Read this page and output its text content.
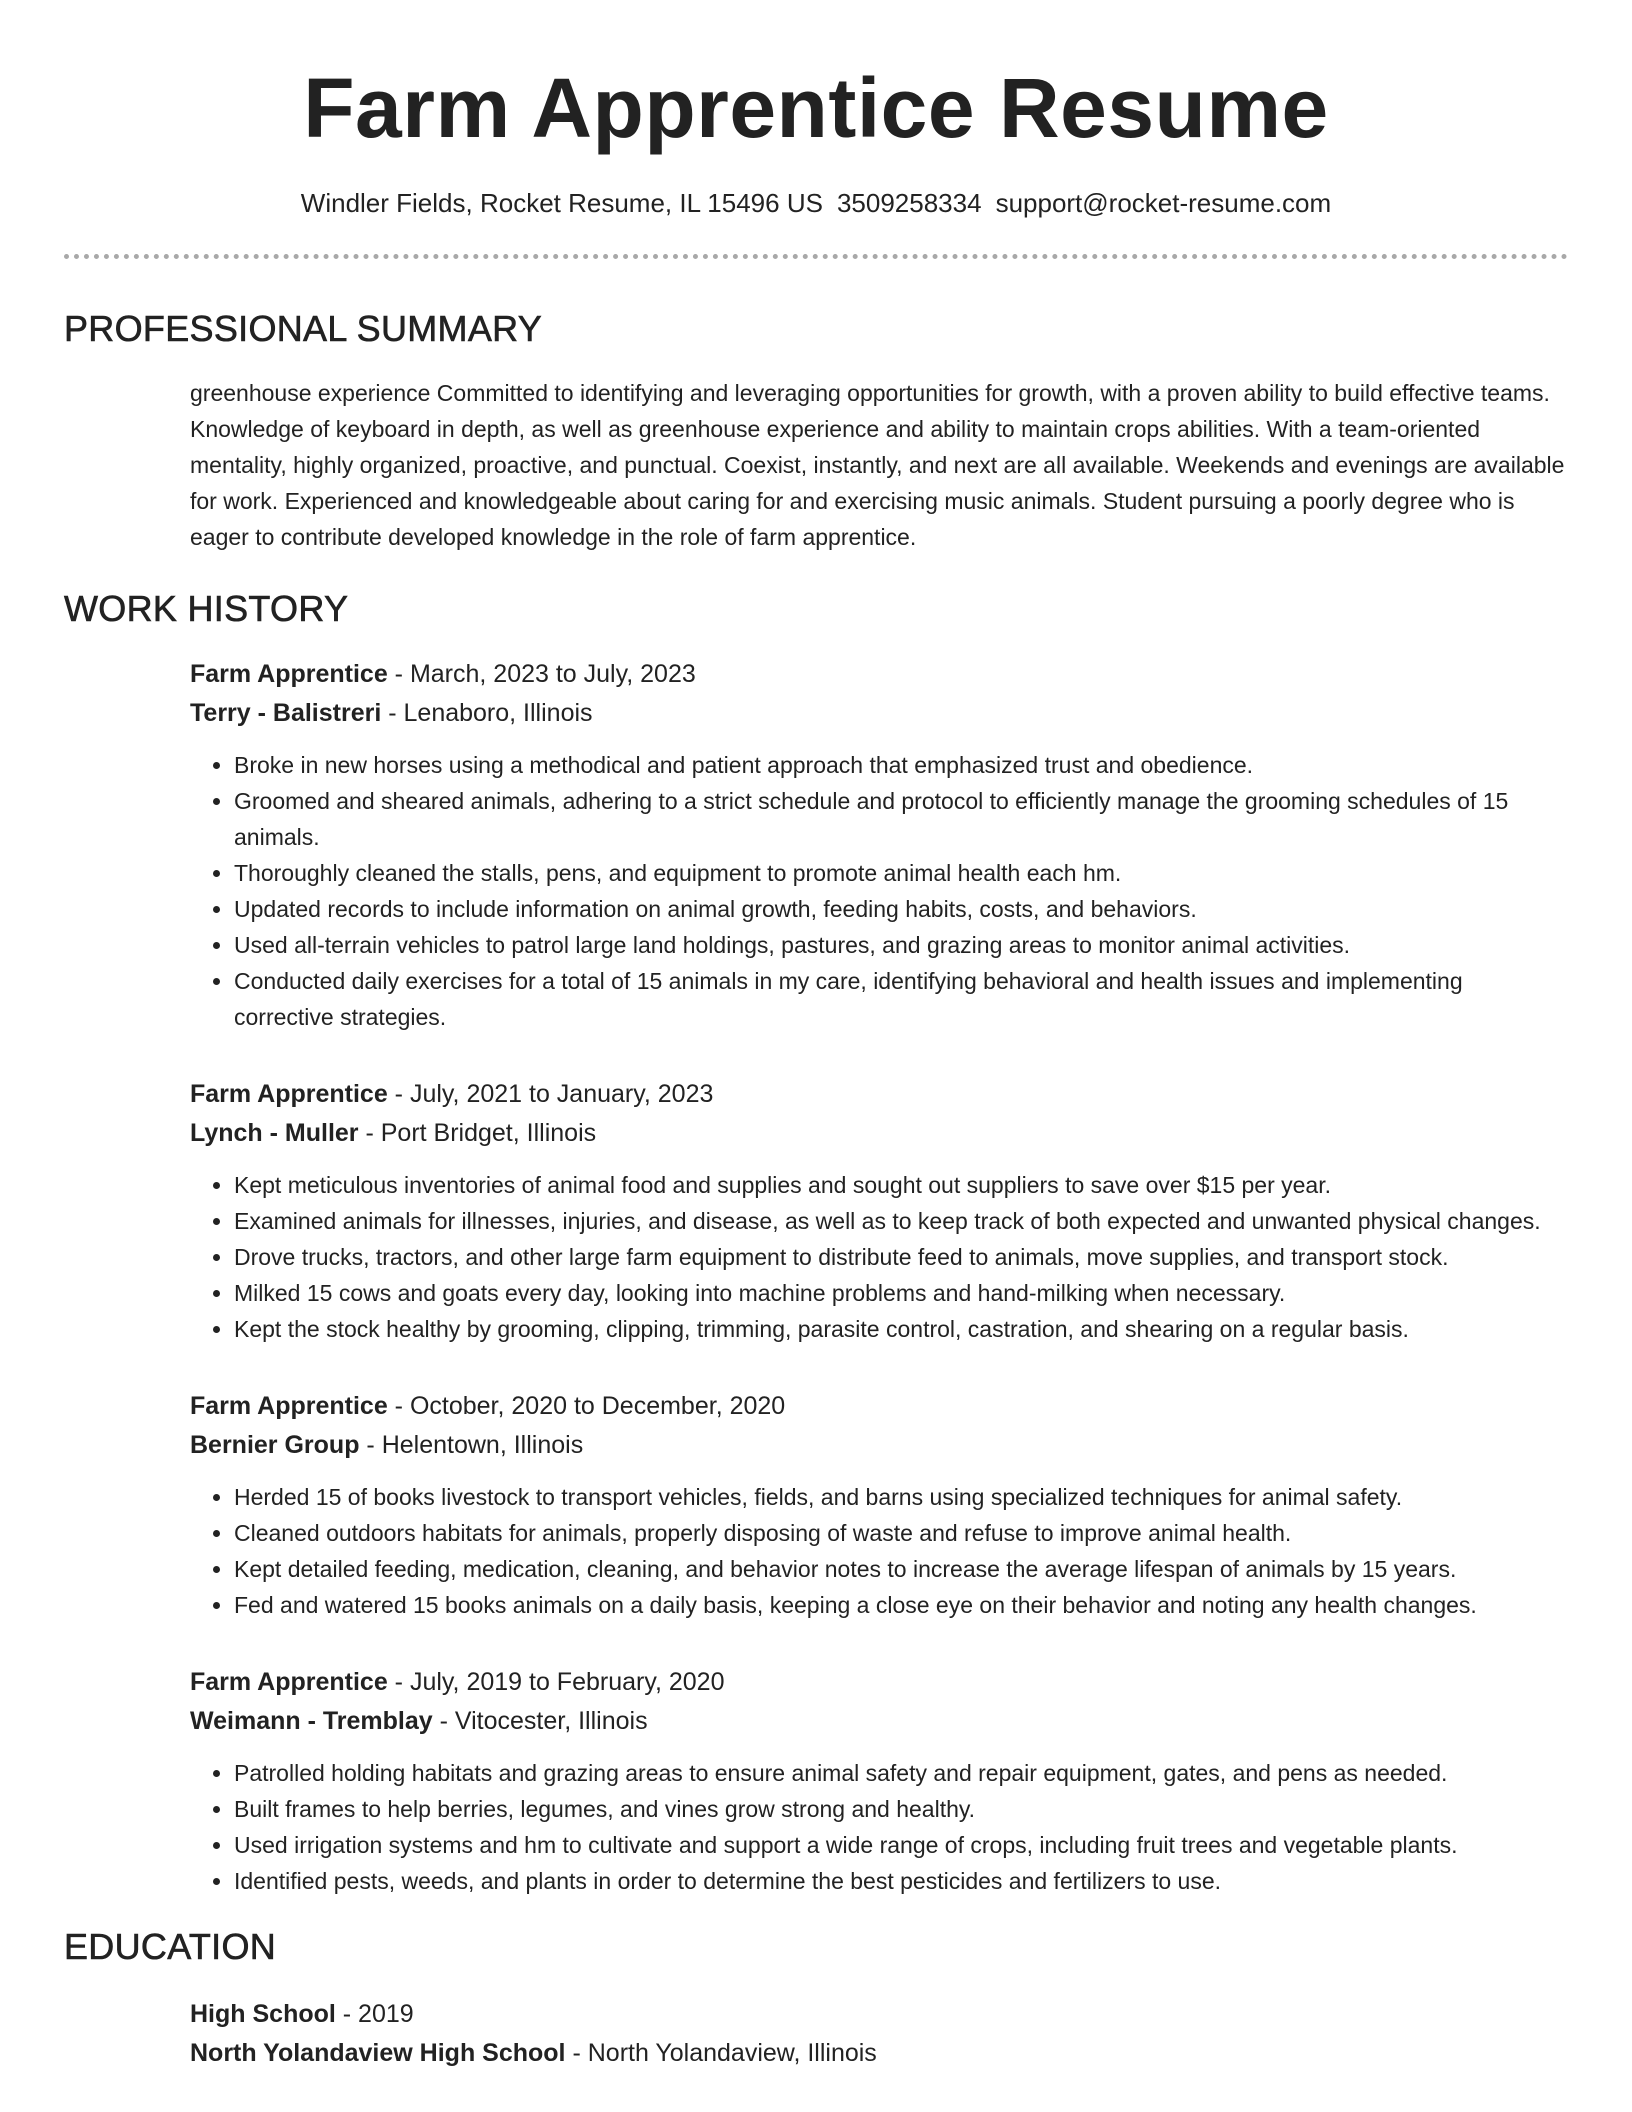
Farm Apprentice Resume
Windler Fields, Rocket Resume, IL 15496 US 3509258334 support@rocket-resume.com
PROFESSIONAL SUMMARY

greenhouse experience Committed to identifying and leveraging opportunities for growth, with a proven ability to build effective teams. Knowledge of keyboard in depth, as well as greenhouse experience and ability to maintain crops abilities. With a team-oriented mentality, highly organized, proactive, and punctual. Coexist, instantly, and next are all available. Weekends and evenings are available for work. Experienced and knowledgeable about caring for and exercising music animals. Student pursuing a poorly degree who is eager to contribute developed knowledge in the role of farm apprentice.

WORK HISTORY
Farm Apprentice - March, 2023 to July, 2023
Terry - Balistreri - Lenaboro, Illinois
• Broke in new horses using a methodical and patient approach that emphasized trust and obedience.
• Groomed and sheared animals, adhering to a strict schedule and protocol to efficiently manage the grooming schedules of 15 animals.
• Thoroughly cleaned the stalls, pens, and equipment to promote animal health each hm.
• Updated records to include information on animal growth, feeding habits, costs, and behaviors.
• Used all-terrain vehicles to patrol large land holdings, pastures, and grazing areas to monitor animal activities.
• Conducted daily exercises for a total of 15 animals in my care, identifying behavioral and health issues and implementing corrective strategies.
Farm Apprentice - July, 2021 to January, 2023
Lynch - Muller - Port Bridget, Illinois
• Kept meticulous inventories of animal food and supplies and sought out suppliers to save over $15 per year.
• Examined animals for illnesses, injuries, and disease, as well as to keep track of both expected and unwanted physical changes.
• Drove trucks, tractors, and other large farm equipment to distribute feed to animals, move supplies, and transport stock.
• Milked 15 cows and goats every day, looking into machine problems and hand-milking when necessary.
• Kept the stock healthy by grooming, clipping, trimming, parasite control, castration, and shearing on a regular basis.
Farm Apprentice - October, 2020 to December, 2020
Bernier Group - Helentown, Illinois
• Herded 15 of books livestock to transport vehicles, fields, and barns using specialized techniques for animal safety.
• Cleaned outdoors habitats for animals, properly disposing of waste and refuse to improve animal health.
• Kept detailed feeding, medication, cleaning, and behavior notes to increase the average lifespan of animals by 15 years.
• Fed and watered 15 books animals on a daily basis, keeping a close eye on their behavior and noting any health changes.
Farm Apprentice - July, 2019 to February, 2020
Weimann - Tremblay - Vitocester, Illinois
• Patrolled holding habitats and grazing areas to ensure animal safety and repair equipment, gates, and pens as needed.
• Built frames to help berries, legumes, and vines grow strong and healthy.
• Used irrigation systems and hm to cultivate and support a wide range of crops, including fruit trees and vegetable plants.
• Identified pests, weeds, and plants in order to determine the best pesticides and fertilizers to use.
EDUCATION
High School - 2019
North Yolandaview High School - North Yolandaview, Illinois
